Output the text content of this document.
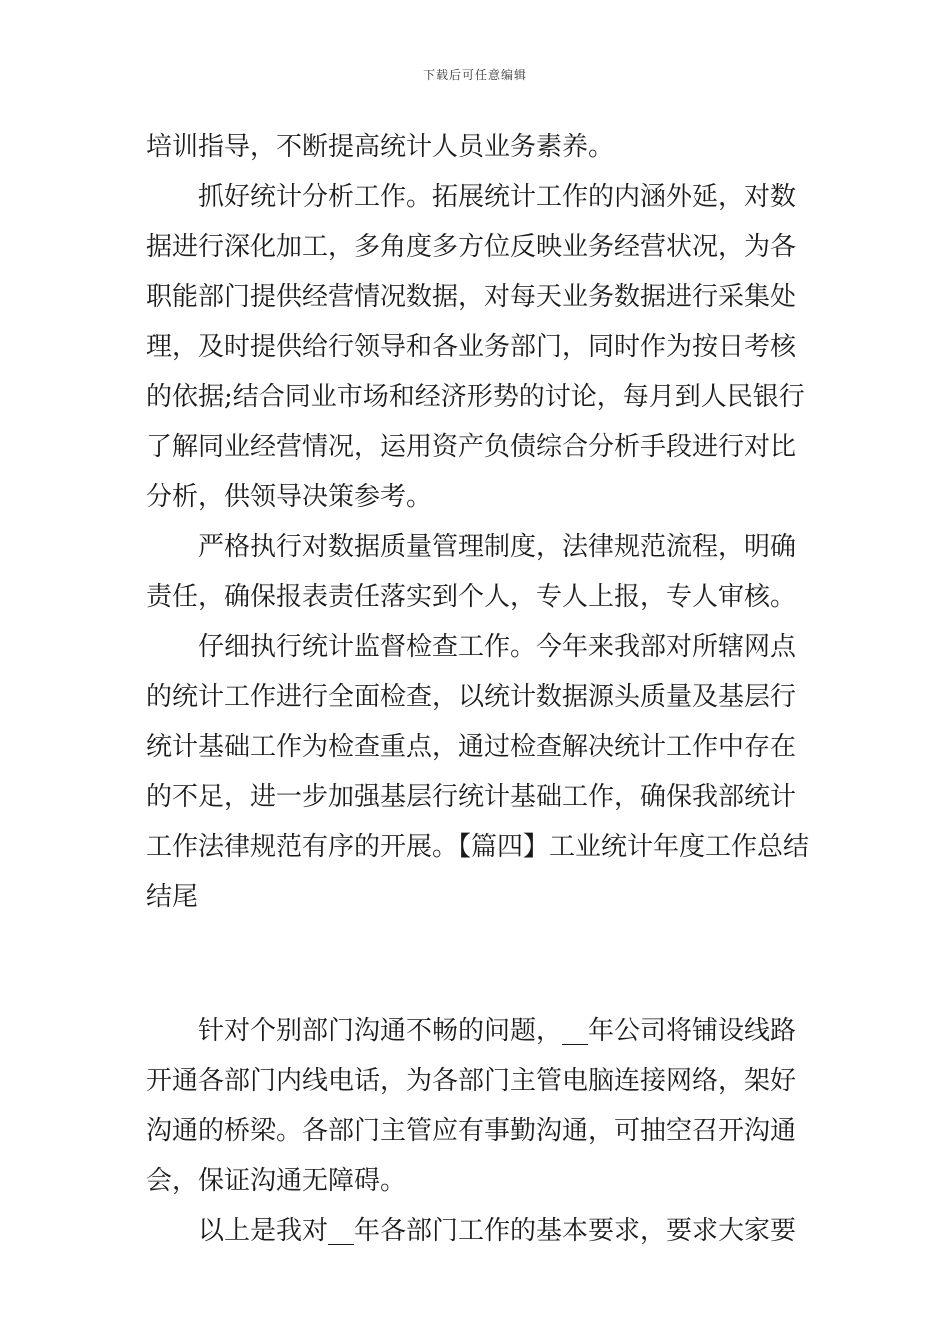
下载后可任意编辑

培训指导，不断提高统计人员业务素养。

抓好统计分析工作。拓展统计工作的内涵外延，对数据进行深化加工，多角度多方位反映业务经营状况，为各职能部门提供经营情况数据，对每天业务数据进行采集处理，及时提供给行领导和各业务部门，同时作为按日考核的依据;结合同业市场和经济形势的讨论，每月到人民银行了解同业经营情况，运用资产负债综合分析手段进行对比分析，供领导决策参考。

严格执行对数据质量管理制度，法律规范流程，明确责任，确保报表责任落实到个人，专人上报，专人审核。

仔细执行统计监督检查工作。今年来我部对所辖网点的统计工作进行全面检查，以统计数据源头质量及基层行统计基础工作为检查重点，通过检查解决统计工作中存在的不足，进一步加强基层行统计基础工作，确保我部统计工作法律规范有序的开展。【篇四】工业统计年度工作总结结尾

针对个别部门沟通不畅的问题，__年公司将铺设线路开通各部门内线电话，为各部门主管电脑连接网络，架好沟通的桥梁。各部门主管应有事勤沟通，可抽空召开沟通会，保证沟通无障碍。

以上是我对__年各部门工作的基本要求，要求大家要
